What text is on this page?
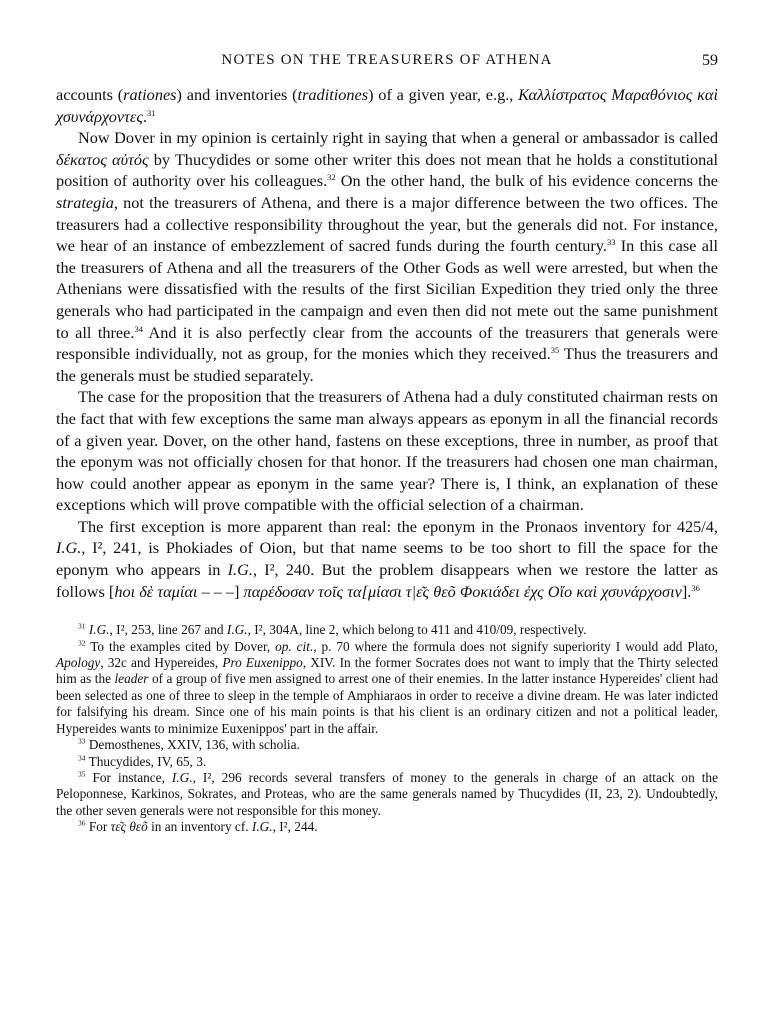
NOTES ON THE TREASURERS OF ATHENA	59

accounts (rationes) and inventories (traditiones) of a given year, e.g., Καλλίστρατος Μαραθόνιος καὶ χσυνάρχοντες.$^{31}$

Now Dover in my opinion is certainly right in saying that when a general or ambassador is called δέκατος αὐτός by Thucydides or some other writer this does not mean that he holds a constitutional position of authority over his colleagues.$^{32}$ On the other hand, the bulk of his evidence concerns the strategia, not the treasurers of Athena, and there is a major difference between the two offices. The treasurers had a collective responsibility throughout the year, but the generals did not. For instance, we hear of an instance of embezzlement of sacred funds during the fourth century.$^{33}$ In this case all the treasurers of Athena and all the treasurers of the Other Gods as well were arrested, but when the Athenians were dissatisfied with the results of the first Sicilian Expedition they tried only the three generals who had participated in the campaign and even then did not mete out the same punishment to all three.$^{34}$ And it is also perfectly clear from the accounts of the treasurers that generals were responsible individually, not as group, for the monies which they received.$^{35}$ Thus the treasurers and the generals must be studied separately.

The case for the proposition that the treasurers of Athena had a duly constituted chairman rests on the fact that with few exceptions the same man always appears as eponym in all the financial records of a given year. Dover, on the other hand, fastens on these exceptions, three in number, as proof that the eponym was not officially chosen for that honor. If the treasurers had chosen one man chairman, how could another appear as eponym in the same year? There is, I think, an explanation of these exceptions which will prove compatible with the official selection of a chairman.

The first exception is more apparent than real: the eponym in the Pronaos inventory for 425/4, I.G., I², 241, is Phokiades of Oion, but that name seems to be too short to fill the space for the eponym who appears in I.G., I², 240. But the problem disappears when we restore the latter as follows [hοι δὲ ταμίαι – – –] παρέδοσαν τοῖς τα[μίασι τ|ε͂ς θεõ Φοκιάδει ἐχς Οἴο καὶ χσυνάρχοσιν].$^{36}$

$^{31}$ I.G., I², 253, line 267 and I.G., I², 304A, line 2, which belong to 411 and 410/09, respectively.

$^{32}$ To the examples cited by Dover, op. cit., p. 70 where the formula does not signify superiority I would add Plato, Apology, 32c and Hypereides, Pro Euxenippo, XIV. In the former Socrates does not want to imply that the Thirty selected him as the leader of a group of five men assigned to arrest one of their enemies. In the latter instance Hypereides' client had been selected as one of three to sleep in the temple of Amphiaraos in order to receive a divine dream. He was later indicted for falsifying his dream. Since one of his main points is that his client is an ordinary citizen and not a political leader, Hypereides wants to minimize Euxenippos' part in the affair.

$^{33}$ Demosthenes, XXIV, 136, with scholia.

$^{34}$ Thucydides, IV, 65, 3.

$^{35}$ For instance, I.G., I², 296 records several transfers of money to the generals in charge of an attack on the Peloponnese, Karkinos, Sokrates, and Proteas, who are the same generals named by Thucydides (II, 23, 2). Undoubtedly, the other seven generals were not responsible for this money.

$^{36}$ For τε͂ς θεõ in an inventory cf. I.G., I², 244.
